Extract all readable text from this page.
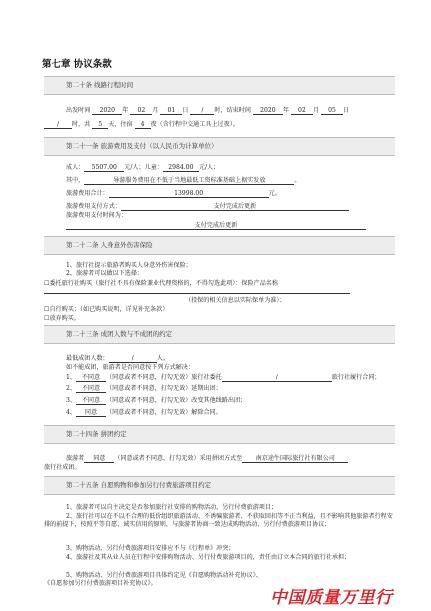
第七章 协议条款
第二十条 线路行程时间
出发时间 2020 年 02 月 01 日 / 时，结束时间 2020 年 02 月 05 日
/ 时，共 5 天，住宿 4 夜（含行程中交通工具上过夜）。
第二十一条 旅游费用及支付（以人民币为计算单位）
成人： 5507.00 元/人；儿童： 2984.00 元/人；
其中，	导游服务费用在不低于当地最低工资标准基础上据实发放	。
旅游费用合计：	13998.00	元。
旅游费用支付方式：	支付完成后更新
旅游费用支付时间为：
支付完成后更新
第二十二条 人身意外伤害保险
1、旅行社提示旅游者购买人身意外伤害保险；
2、旅游者可以做以下选择：
☐委托旅行社购买（旅行社不具有保险兼业代理资格的，不得勾选此项）：保险产品名称
（投保的相关信息以实际保单为准）；
☐自行购买；（如已购买说明，详见补充条款）
☐放弃购买。
第二十三条 成团人数与不成团的约定
最低成团人数：	/	人。
如不能成团，旅游者是否同意按下列方式解决：
1、 不同意 （同意或者不同意，打勾无效）旅行社委托	/	旅行社履行合同；
2、 不同意 （同意或者不同意，打勾无效）延期出团；
3、 不同意 （同意或者不同意，打勾无效）改变其他线路出团；
4、 同意 （同意或者不同意，打勾无效）解除合同。
第二十四条 拼团约定
旅游者 同意 （同意或者不同意，打勾无效）采用拼团方式至 南京途牛国际旅行社有限公司
旅行社成团。
第二十五条 自愿购物和参加另行付费旅游项目约定
1、旅游者可以自主决定是否参加旅行社安排的购物活动、另行付费旅游项目；
2、旅行社可以在不以不合理的低价组织旅游活动、不诱骗旅游者、不获取回扣等不正当利益，且不影响其他旅游者行程安排的前提下，按照平等自愿、诚实信用的原则，与旅游者协商一致达成购物活动、另行付费旅游项目协议；
3、购物活动、另行付费旅游项目安排应不与《行程单》冲突；
4、旅游社及其从业人员在行程中安排购物活动、另行付费旅游项目的，责任由订立本合同的旅行社承担；
5、购物活动、另行付费旅游项目具体约定见《自愿购物活动补充协议》、《自愿参加另行付费旅游项目补充协议》。
中国质量万里行
